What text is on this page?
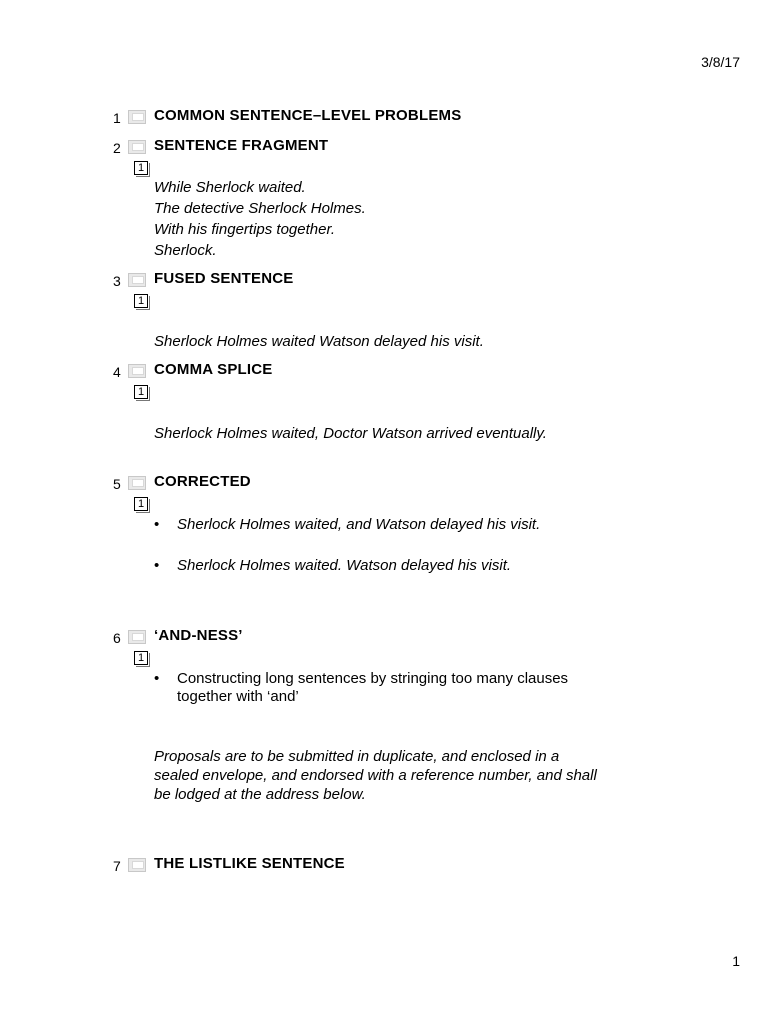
3/8/17
1 COMMON SENTENCE–LEVEL PROBLEMS
2 SENTENCE FRAGMENT
1
While Sherlock waited.
The detective Sherlock Holmes.
With his fingertips together.
Sherlock.
3 FUSED SENTENCE
1
Sherlock Holmes waited Watson delayed his visit.
4 COMMA SPLICE
1
Sherlock Holmes waited, Doctor Watson arrived eventually.
5 CORRECTED
1
• Sherlock Holmes waited, and Watson delayed his visit.
• Sherlock Holmes waited. Watson delayed his visit.
6 ‘AND-NESS’
1
• Constructing long sentences by stringing too many clauses
together with ‘and’
Proposals are to be submitted in duplicate, and enclosed in a
sealed envelope, and endorsed with a reference number, and shall
be lodged at the address below.
7 THE LISTLIKE SENTENCE
1
